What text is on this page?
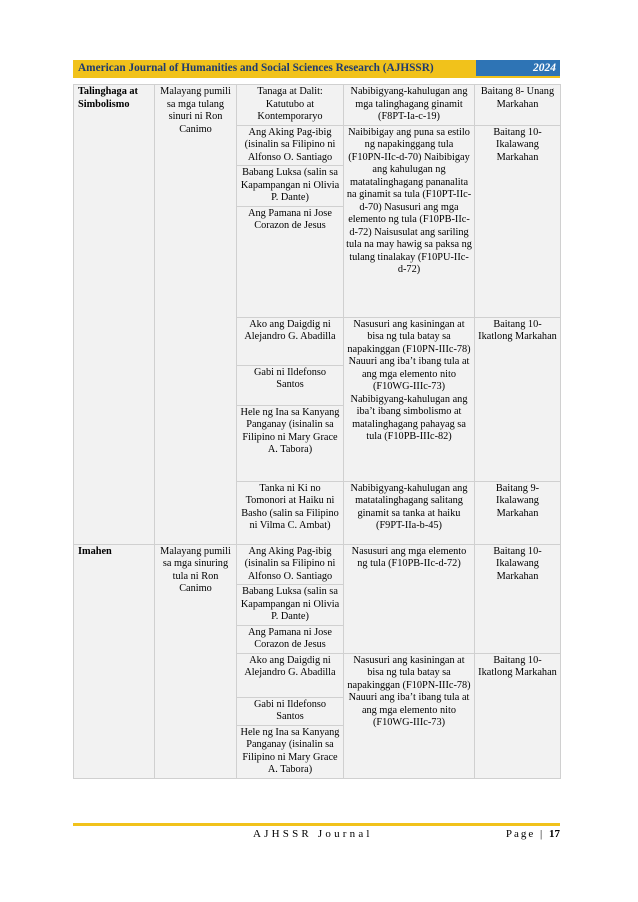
American Journal of Humanities and Social Sciences Research (AJHSSR)	2024
Talinghaga at Simbolismo	Malayang pumili sa mga tulang sinuri ni Ron Canimo	Tanaga at Dalit: Katutubo at Kontemporaryo	Nabibigyang-kahulugan ang mga talinghagang ginamit (F8PT-Ia-c-19)	Baitang 8- Unang Markahan
		Ang Aking Pag-ibig (isinalin sa Filipino ni Alfonso O. Santiago	Naibibigay ang puna sa estilo ng napakinggang tula (F10PN-IIc-d-70) Naibibigay ang kahulugan ng matatalinghagang pananalita na ginamit sa tula (F10PT-IIc-d-70) Nasusuri ang mga elemento ng tula (F10PB-IIc-d-72) Naisusulat ang sariling tula na may hawig sa paksa ng tulang tinalakay (F10PU-IIc-d-72)	Baitang 10- Ikalawang Markahan
		Babang Luksa (salin sa Kapampangan ni Olivia P. Dante)		
		Ang Pamana ni Jose Corazon de Jesus		
		Ako ang Daigdig ni Alejandro G. Abadilla	Nasusuri ang kasiningan at bisa ng tula batay sa napakinggan (F10PN-IIIc-78) Nauuri ang iba’t ibang tula at ang mga elemento nito (F10WG-IIIc-73) Nabibigyang-kahulugan ang iba’t ibang simbolismo at matalinghagang pahayag sa tula (F10PB-IIIc-82)	Baitang 10- Ikatlong Markahan
		Gabi ni Ildefonso Santos		
		Hele ng Ina sa Kanyang Panganay (isinalin sa Filipino ni Mary Grace A. Tabora)		
		Tanka ni Ki no Tomonori at Haiku ni Basho (salin sa Filipino ni Vilma C. Ambat)	Nabibigyang-kahulugan ang matatalinghagang salitang ginamit sa tanka at haiku (F9PT-IIa-b-45)	Baitang 9- Ikalawang Markahan
Imahen	Malayang pumili sa mga sinuring tula ni Ron Canimo	Ang Aking Pag-ibig (isinalin sa Filipino ni Alfonso O. Santiago	Nasusuri ang mga elemento ng tula (F10PB-IIc-d-72)	Baitang 10- Ikalawang Markahan
		Babang Luksa (salin sa Kapampangan ni Olivia P. Dante)		
		Ang Pamana ni Jose Corazon de Jesus		
		Ako ang Daigdig ni Alejandro G. Abadilla	Nasusuri ang kasiningan at bisa ng tula batay sa napakinggan (F10PN-IIIc-78) Nauuri ang iba’t ibang tula at ang mga elemento nito (F10WG-IIIc-73)	Baitang 10- Ikatlong Markahan
		Gabi ni Ildefonso Santos		
		Hele ng Ina sa Kanyang Panganay (isinalin sa Filipino ni Mary Grace A. Tabora)		
AJHSSR Journal	Page | 17
